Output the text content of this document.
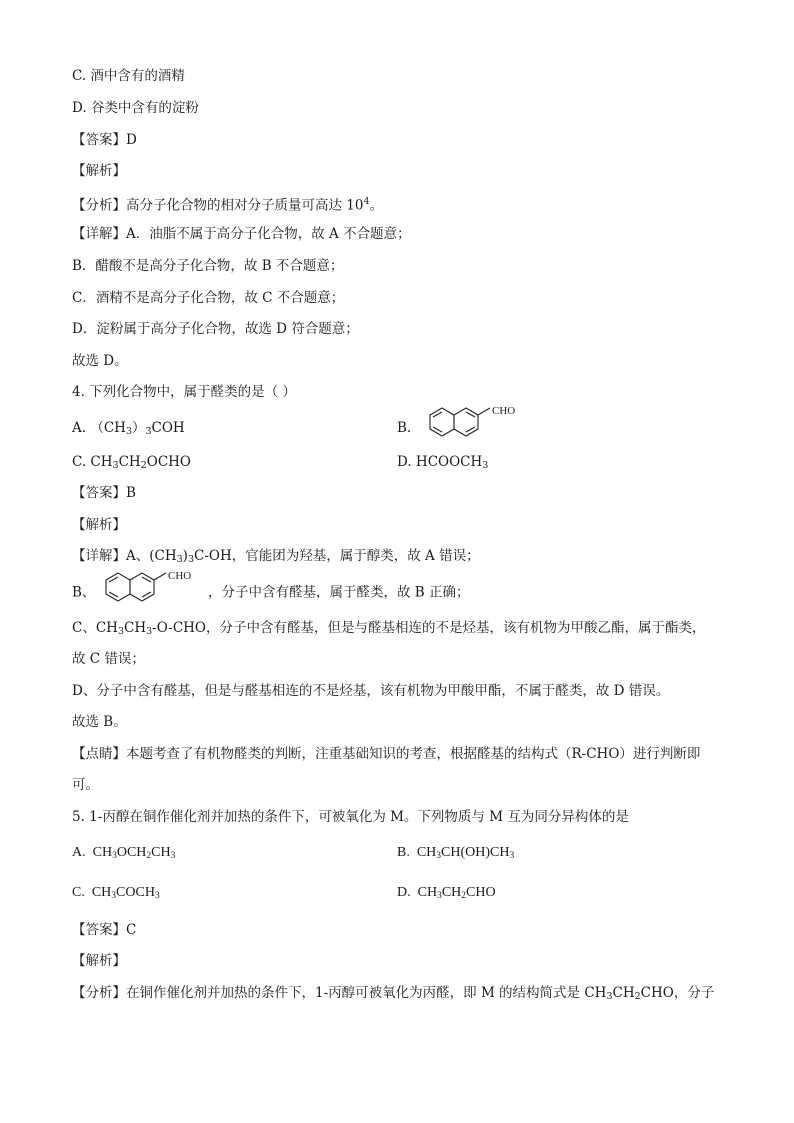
C. 酒中含有的酒精
D. 谷类中含有的淀粉
【答案】D
【解析】
【分析】高分子化合物的相对分子质量可高达 $10^4$。
【详解】A．油脂不属于高分子化合物，故 A 不合题意；
B．醋酸不是高分子化合物，故 B 不合题意；
C．酒精不是高分子化合物，故 C 不合题意；
D．淀粉属于高分子化合物，故选 D 符合题意；
故选 D。
4. 下列化合物中，属于醛类的是（ ）
A. $(CH_3)_3COH$	B.
CHO
C. $CH_3CH_2OCHO$	D. $HCOOCH_3$
【答案】B
【解析】
【详解】A、$(CH_3)_3C-OH$，官能团为羟基，属于醇类，故 A 错误；
B、
CHO
，分子中含有醛基，属于醛类，故 B 正确；
C、$CH_3CH_3-O$-CHO，分子中含有醛基，但是与醛基相连的不是烃基，该有机物为甲酸乙酯，属于酯类，
故 C 错误；
D、分子中含有醛基，但是与醛基相连的不是烃基，该有机物为甲酸甲酯，不属于醛类，故 D 错误。
故选 B。
【点睛】本题考查了有机物醛类的判断，注重基础知识的考查，根据醛基的结构式（R-CHO）进行判断即
可。
5. 1-丙醇在铜作催化剂并加热的条件下，可被氧化为 M。下列物质与 M 互为同分异构体的是
A. $CH_3OCH_2CH_3$	B. $CH_3CH(OH)CH_3$
C. $CH_3COCH_3$	D. $CH_3CH_2CHO$
【答案】C
【解析】
【分析】在铜作催化剂并加热的条件下，1-丙醇可被氧化为丙醛，即 M 的结构简式是 $CH_3CH_2CHO$，分子
